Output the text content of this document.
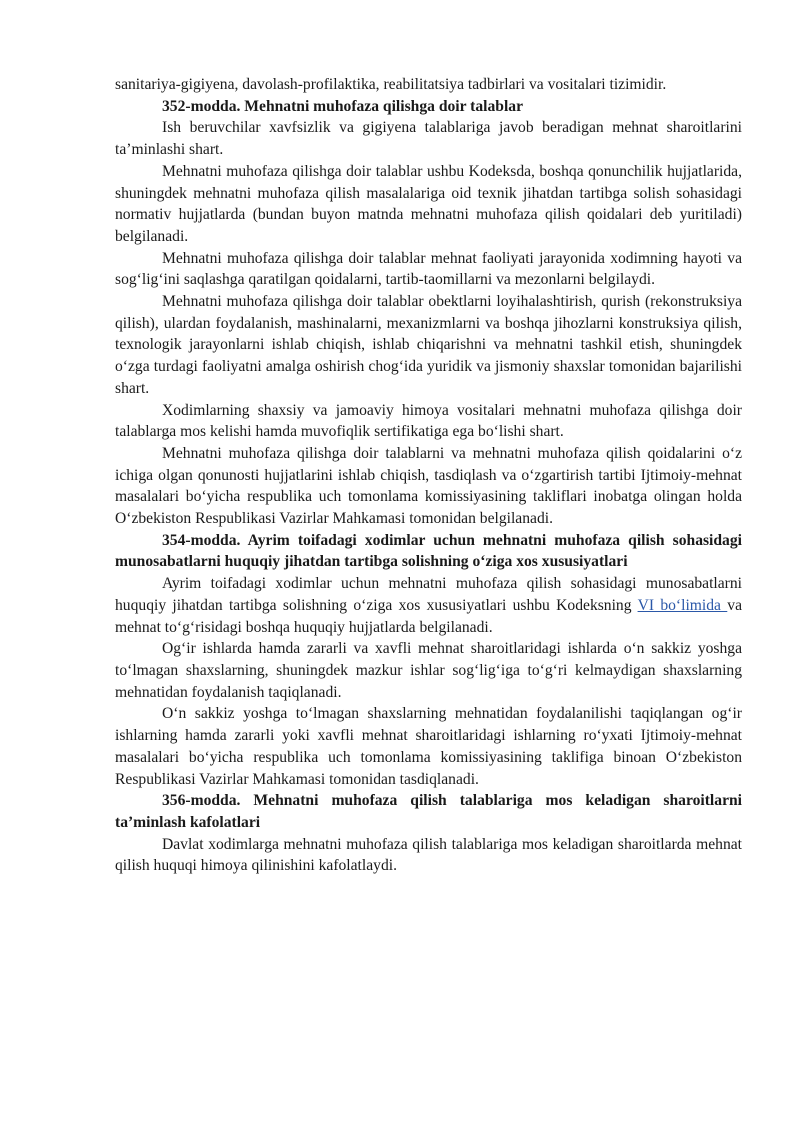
sanitariya-gigiyena, davolash-profilaktika, reabilitatsiya tadbirlari va vositalari tizimidir.

352-modda. Mehnatni muhofaza qilishga doir talablar

Ish beruvchilar xavfsizlik va gigiyena talablariga javob beradigan mehnat sharoitlarini ta’minlashi shart.

Mehnatni muhofaza qilishga doir talablar ushbu Kodeksda, boshqa qonunchilik hujjatlarida, shuningdek mehnatni muhofaza qilish masalalariga oid texnik jihatdan tartibga solish sohasidagi normativ hujjatlarda (bundan buyon matnda mehnatni muhofaza qilish qoidalari deb yuritiladi) belgilanadi.

Mehnatni muhofaza qilishga doir talablar mehnat faoliyati jarayonida xodimning hayoti va sog‘lig‘ini saqlashga qaratilgan qoidalarni, tartib-taomillarni va mezonlarni belgilaydi.

Mehnatni muhofaza qilishga doir talablar obektlarni loyihalashtirish, qurish (rekonstruksiya qilish), ulardan foydalanish, mashinalarni, mexanizmlarni va boshqa jihozlarni konstruksiya qilish, texnologik jarayonlarni ishlab chiqish, ishlab chiqarishni va mehnatni tashkil etish, shuningdek o‘zga turdagi faoliyatni amalga oshirish chog‘ida yuridik va jismoniy shaxslar tomonidan bajarilishi shart.

Xodimlarning shaxsiy va jamoaviy himoya vositalari mehnatni muhofaza qilishga doir talablarga mos kelishi hamda muvofiqlik sertifikatiga ega bo‘lishi shart.

Mehnatni muhofaza qilishga doir talablarni va mehnatni muhofaza qilish qoidalarini o‘z ichiga olgan qonunosti hujjatlarini ishlab chiqish, tasdiqlash va o‘zgartirish tartibi Ijtimoiy-mehnat masalalari bo‘yicha respublika uch tomonlama komissiyasining takliflari inobatga olingan holda O‘zbekiston Respublikasi Vazirlar Mahkamasi tomonidan belgilanadi.

354-modda. Ayrim toifadagi xodimlar uchun mehnatni muhofaza qilish sohasidagi munosabatlarni huquqiy jihatdan tartibga solishning o‘ziga xos xususiyatlari

Ayrim toifadagi xodimlar uchun mehnatni muhofaza qilish sohasidagi munosabatlarni huquqiy jihatdan tartibga solishning o‘ziga xos xususiyatlari ushbu Kodeksning VI bo‘limida va mehnat to‘g‘risidagi boshqa huquqiy hujjatlarda belgilanadi.

Og‘ir ishlarda hamda zararli va xavfli mehnat sharoitlaridagi ishlarda o‘n sakkiz yoshga to‘lmagan shaxslarning, shuningdek mazkur ishlar sog‘lig‘iga to‘g‘ri kelmaydigan shaxslarning mehnatidan foydalanish taqiqlanadi.

O‘n sakkiz yoshga to‘lmagan shaxslarning mehnatidan foydalanilishi taqiqlangan og‘ir ishlarning hamda zararli yoki xavfli mehnat sharoitlaridagi ishlarning ro‘yxati Ijtimoiy-mehnat masalalari bo‘yicha respublika uch tomonlama komissiyasining taklifiga binoan O‘zbekiston Respublikasi Vazirlar Mahkamasi tomonidan tasdiqlanadi.

356-modda. Mehnatni muhofaza qilish talablariga mos keladigan sharoitlarni ta’minlash kafolatlari

Davlat xodimlarga mehnatni muhofaza qilish talablariga mos keladigan sharoitlarda mehnat qilish huquqi himoya qilinishini kafolatlaydi.
